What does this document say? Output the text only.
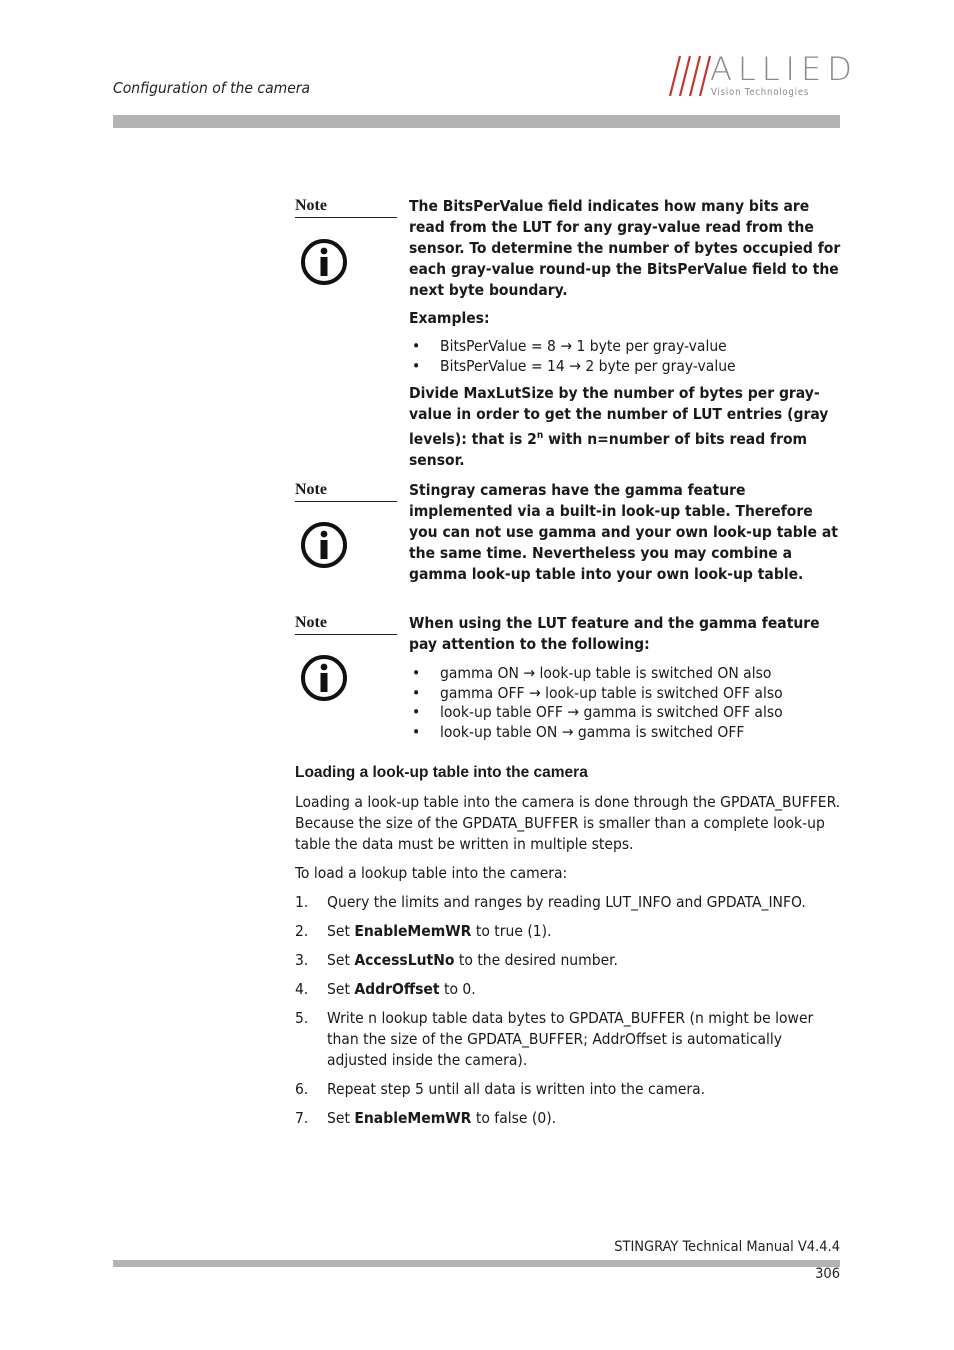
Configuration of the camera	ALLIED
Vision Technologies
Note	The BitsPerValue field indicates how many bits are read from the LUT for any gray-value read from the sensor. To determine the number of bytes occupied for each gray-value round-up the BitsPerValue field to the next byte boundary.

Examples:

• BitsPerValue = 8 → 1 byte per gray-value
• BitsPerValue = 14 → 2 byte per gray-value

Divide MaxLutSize by the number of bytes per gray-value in order to get the number of LUT entries (gray levels): that is 2$^n$ with n=number of bits read from sensor.

Note	Stingray cameras have the gamma feature implemented via a built-in look-up table. Therefore you can not use gamma and your own look-up table at the same time. Nevertheless you may combine a gamma look-up table into your own look-up table.

Note	When using the LUT feature and the gamma feature pay attention to the following:

• gamma ON → look-up table is switched ON also
• gamma OFF → look-up table is switched OFF also
• look-up table OFF → gamma is switched OFF also
• look-up table ON → gamma is switched OFF
Loading a look-up table into the camera

Loading a look-up table into the camera is done through the GPDATA_BUFFER. Because the size of the GPDATA_BUFFER is smaller than a complete look-up table the data must be written in multiple steps.

To load a lookup table into the camera:

1. Query the limits and ranges by reading LUT_INFO and GPDATA_INFO.
2. Set EnableMemWR to true (1).
3. Set AccessLutNo to the desired number.
4. Set AddrOffset to 0.
5. Write n lookup table data bytes to GPDATA_BUFFER (n might be lower than the size of the GPDATA_BUFFER; AddrOffset is automatically adjusted inside the camera).
6. Repeat step 5 until all data is written into the camera.
7. Set EnableMemWR to false (0).
STINGRAY Technical Manual V4.4.4
306
